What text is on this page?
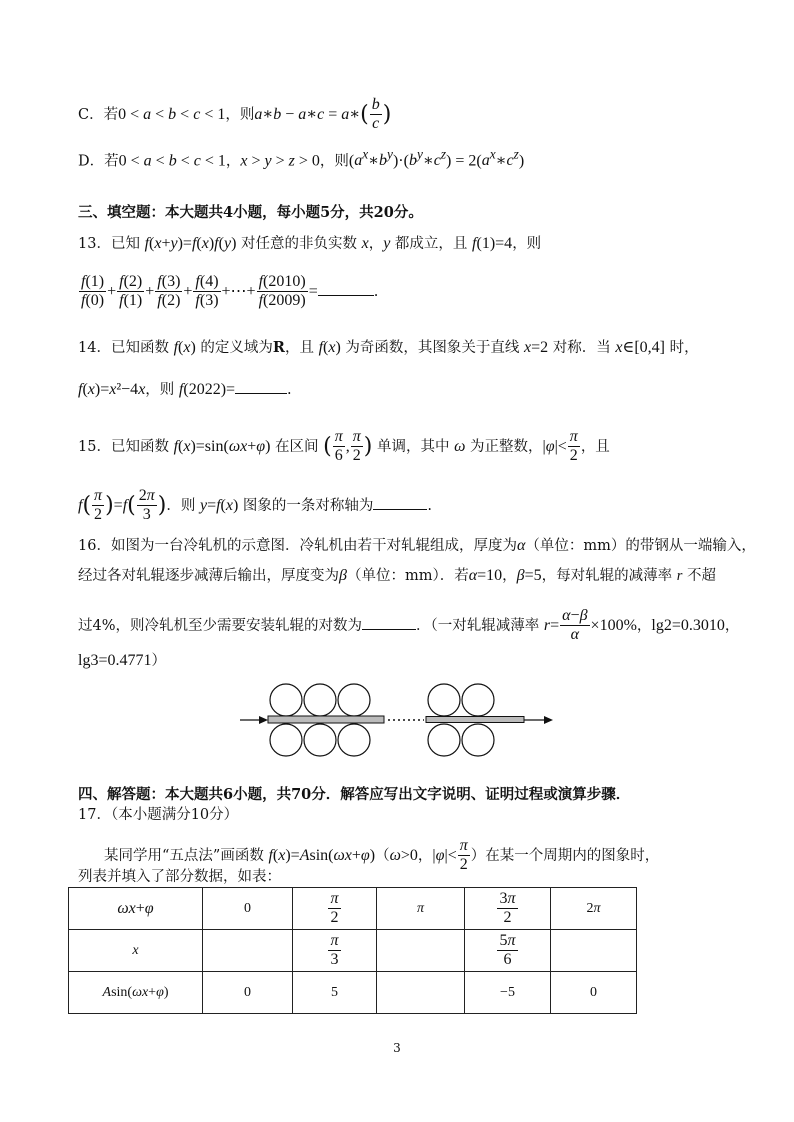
C．若0 < a < b < c < 1，则a∗b − a∗c = a∗( $\frac{b}{c}$ )
D．若0 < a < b < c < 1，x > y > z > 0，则$(a^x∗b^y)\cdot(b^y∗c^z)$ = $2(a^x∗c^z)$
三、填空题：本大题共4小题，每小题5分，共20分。
13．已知 f(x+y)=f(x)f(y) 对任意的非负实数 x，y 都成立，且 f(1)=4，则
$\frac{f(1)}{f(0)} + \frac{f(2)}{f(1)} + \frac{f(3)}{f(2)} + \frac{f(4)}{f(3)}$ +⋯+ $\frac{f(2010)}{f(2009)}$ =	.
14．已知函数 f(x) 的定义域为R，且 f(x) 为奇函数，其图象关于直线 x=2 对称．当 x∈[0,4] 时，
f(x)=x²−4x，则 f(2022)=	.
15．已知函数 f(x)=sin(ωx+φ) 在区间 ( $\frac{\pi}{6}$ , $\frac{\pi}{2}$ ) 单调，其中 ω 为正整数，$|\varphi|< \frac{\pi}{2}$ ，且
$f( \frac{\pi}{2} )=f( \frac{2\pi}{3}$ )．则 y=f(x) 图象的一条对称轴为	.
16．如图为一台冷轧机的示意图．冷轧机由若干对轧辊组成，厚度为α（单位：mm）的带钢从一端输入，
经过各对轧辊逐步减薄后输出，厚度变为β（单位：mm）．若α=10，β=5，每对轧辊的减薄率 r 不超
过4%，则冷轧机至少需要安装轧辊的对数为	．（一对轧辊减薄率 $r= \frac{\alpha-\beta}{\alpha} \times 100\%$，lg2=0.3010，
lg3=0.4771）
四、解答题：本大题共6小题，共70分．解答应写出文字说明、证明过程或演算步骤．
17．（本小题满分10分）
某同学用“五点法”画函数 f(x)=Asin(ωx+φ)（ω>0，$|\varphi|< \frac{\pi}{2}$ ）在某一个周期内的图象时，
列表并填入了部分数据，如表：
ωx+φ	0	$\frac{\pi}{2}$	π	$\frac{3\pi}{2}$	2π
x		$\frac{\pi}{3}$		$\frac{5\pi}{6}$

Asin(ωx+φ)	0	5		−5	0
3
